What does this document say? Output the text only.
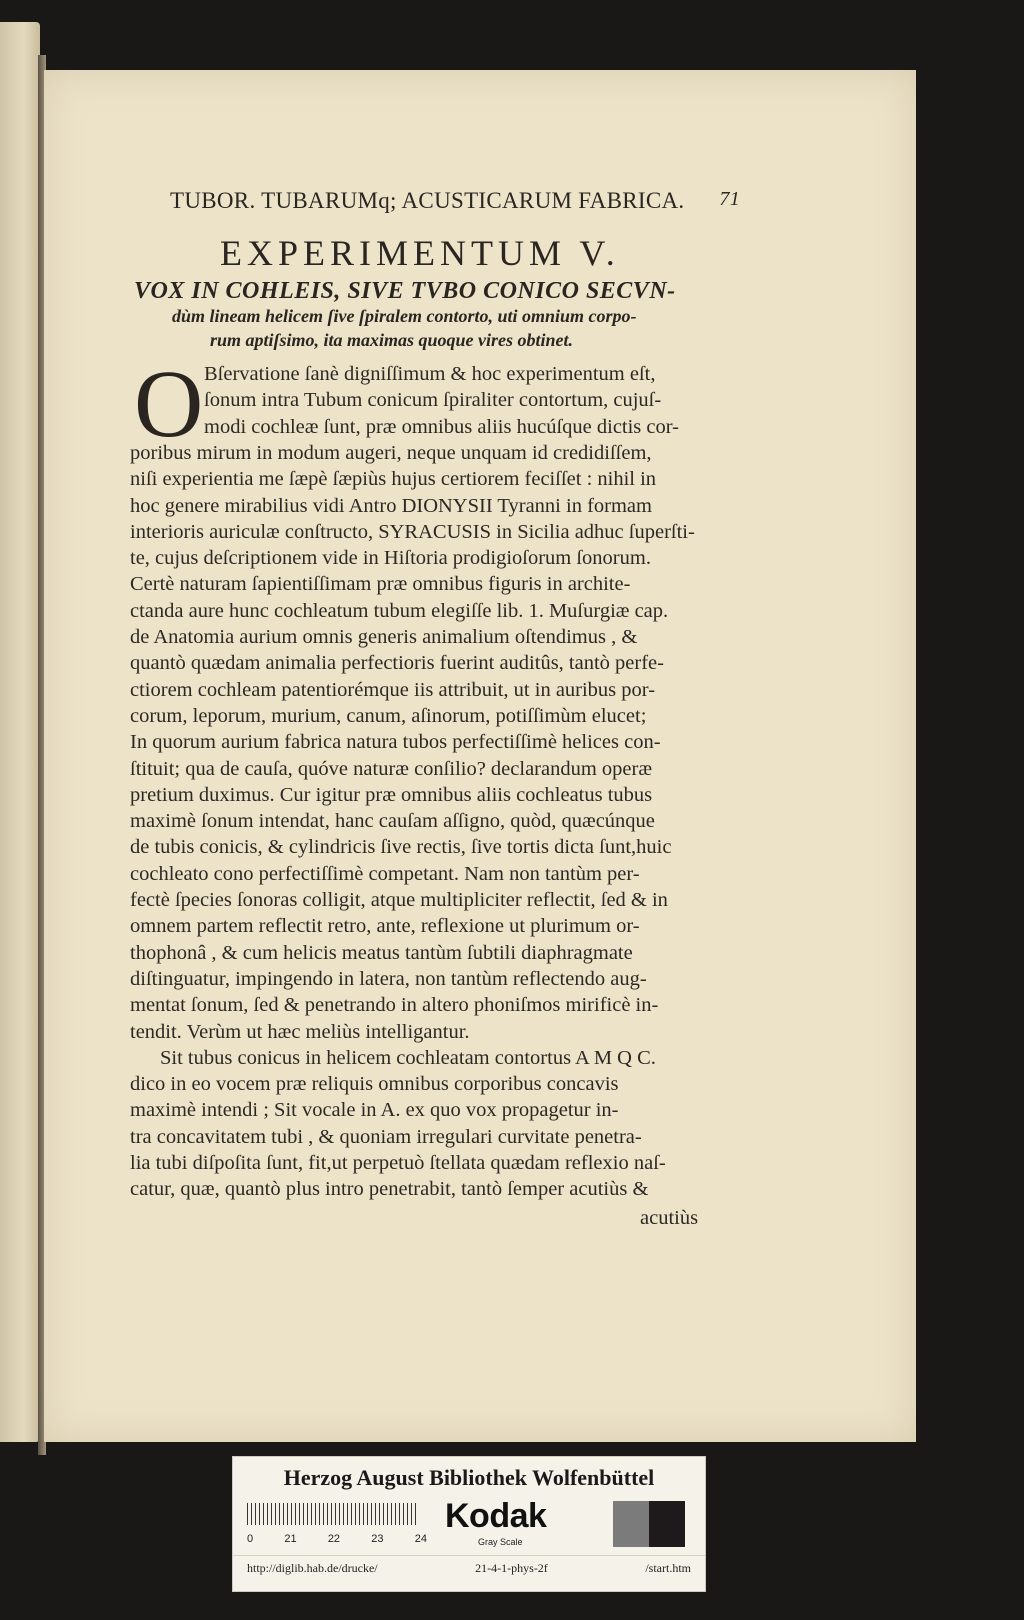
TUBOR. TUBARUMq; ACUSTICARUM FABRICA. 71
EXPERIMENTUM V.
VOX IN COHLEIS, SIVE TVBO CONICO SECVN-
dùm lineam helicem ſive ſpiralem contorto, uti omnium corpo-
rum aptiſsimo, ita maximas quoque vires obtinet.
O Bſervatione ſanè digniſſimum & hoc experimentum eſt,
ſonum intra Tubum conicum ſpiraliter contortum, cujuſ-
modi cochleæ ſunt, præ omnibus aliis hucúſque dictis cor-
poribus mirum in modum augeri, neque unquam id credidiſſem,
niſi experientia me ſæpè ſæpiùs hujus certiorem feciſſet : nihil in
hoc genere mirabilius vidi Antro DIONYSII Tyranni in formam
interioris auriculæ conſtructo, SYRACUSIS in Sicilia adhuc ſuperſti-
te, cujus deſcriptionem vide in Hiſtoria prodigioſorum ſonorum.
Certè naturam ſapientiſſimam præ omnibus figuris in archite-
ctanda aure hunc cochleatum tubum elegiſſe lib. 1. Muſurgiæ cap.
de Anatomia aurium omnis generis animalium oſtendimus , &
quantò quædam animalia perfectioris fuerint auditûs, tantò perfe-
ctiorem cochleam patentiorémque iis attribuit, ut in auribus por-
corum, leporum, murium, canum, aſinorum, potiſſimùm elucet;
In quorum aurium fabrica natura tubos perfectiſſimè helices con-
ſtituit; qua de cauſa, quóve naturæ conſilio? declarandum operæ
pretium duximus. Cur igitur præ omnibus aliis cochleatus tubus
maximè ſonum intendat, hanc cauſam aſſigno, quòd, quæcúnque
de tubis conicis, & cylindricis ſive rectis, ſive tortis dicta ſunt,huic
cochleato cono perfectiſſimè competant. Nam non tantùm per-
fectè ſpecies ſonoras colligit, atque multipliciter reflectit, ſed & in
omnem partem reflectit retro, ante, reflexione ut plurimum or-
thophonâ , & cum helicis meatus tantùm ſubtili diaphragmate
diſtinguatur, impingendo in latera, non tantùm reflectendo aug-
mentat ſonum, ſed & penetrando in altero phoniſmos mirificè in-
tendit. Verùm ut hæc meliùs intelligantur.
Sit tubus conicus in helicem cochleatam contortus A M Q C.
dico in eo vocem præ reliquis omnibus corporibus concavis
maximè intendi ; Sit vocale in A. ex quo vox propagetur in-
tra concavitatem tubi , & quoniam irregulari curvitate penetra-
lia tubi diſpoſita ſunt, fit,ut perpetuò ſtellata quædam reflexio naſ-
catur, quæ, quantò plus intro penetrabit, tantò ſemper acutiùs &
acutiùs
Herzog August Bibliothek Wolfenbüttel
0	21	22	23	24
Kodak
Gray Scale
http://diglib.hab.de/drucke/	21-4-1-phys-2f	/start.htm
